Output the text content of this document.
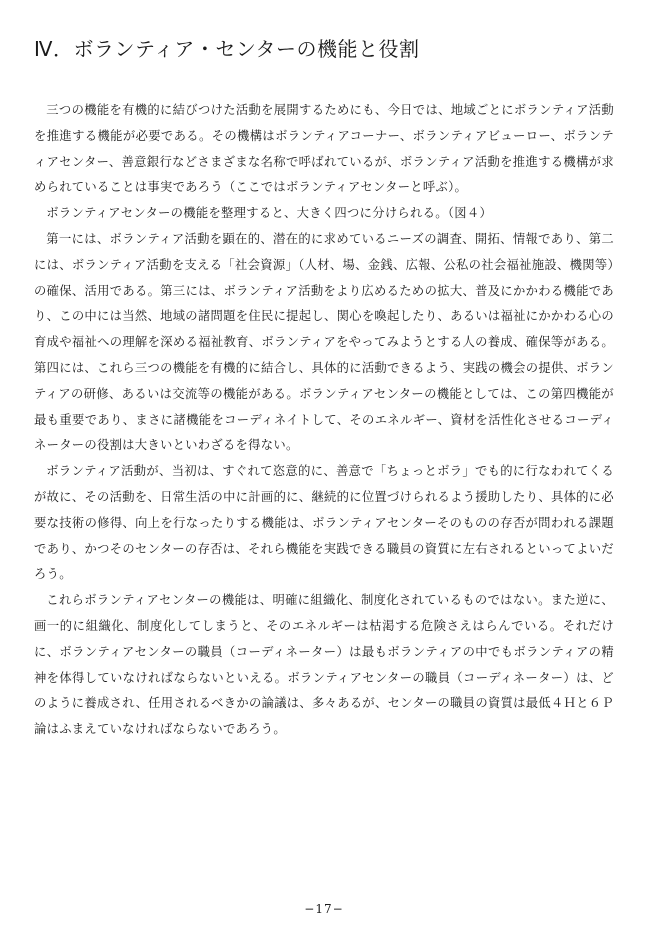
Ⅳ．ボランティア・センターの機能と役割

三つの機能を有機的に結びつけた活動を展開するためにも、今日では、地域ごとにボランティア活動を推進する機能が必要である。その機構はボランティアコーナー、ボランティアビューロー、ボランティアセンター、善意銀行などさまざまな名称で呼ばれているが、ボランティア活動を推進する機構が求められていることは事実であろう（ここではボランティアセンターと呼ぶ）。

ボランティアセンターの機能を整理すると、大きく四つに分けられる。（図４）

第一には、ボランティア活動を顕在的、潜在的に求めているニーズの調査、開拓、情報であり、第二には、ボランティア活動を支える「社会資源」（人材、場、金銭、広報、公私の社会福祉施設、機関等）の確保、活用である。第三には、ボランティア活動をより広めるための拡大、普及にかかわる機能であり、この中には当然、地域の諸問題を住民に提起し、関心を喚起したり、あるいは福祉にかかわる心の育成や福祉への理解を深める福祉教育、ボランティアをやってみようとする人の養成、確保等がある。第四には、これら三つの機能を有機的に結合し、具体的に活動できるよう、実践の機会の提供、ボランティアの研修、あるいは交流等の機能がある。ボランティアセンターの機能としては、この第四機能が最も重要であり、まさに諸機能をコーディネイトして、そのエネルギー、資材を活性化させるコーディネーターの役割は大きいといわざるを得ない。

ボランティア活動が、当初は、すぐれて恣意的に、善意で「ちょっとボラ」でも的に行なわれてくるが故に、その活動を、日常生活の中に計画的に、継続的に位置づけられるよう援助したり、具体的に必要な技術の修得、向上を行なったりする機能は、ボランティアセンターそのものの存否が問われる課題であり、かつそのセンターの存否は、それら機能を実践できる職員の資質に左右されるといってよいだろう。

これらボランティアセンターの機能は、明確に組織化、制度化されているものではない。また逆に、画一的に組織化、制度化してしまうと、そのエネルギーは枯渇する危険さえはらんでいる。それだけに、ボランティアセンターの職員（コーディネーター）は最もボランティアの中でもボランティアの精神を体得していなければならないといえる。ボランティアセンターの職員（コーディネーター）は、どのように養成され、任用されるべきかの論議は、多々あるが、センターの職員の資質は最低４Ｈと６Ｐ論はふまえていなければならないであろう。

−17−
